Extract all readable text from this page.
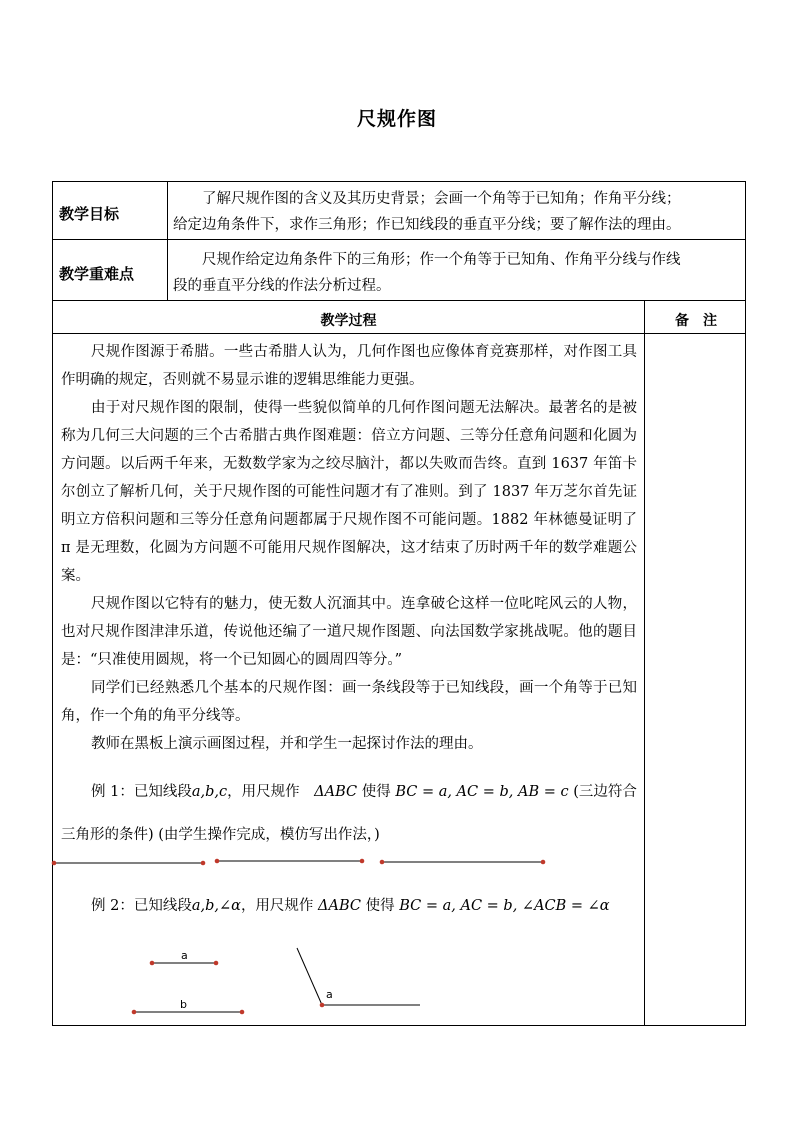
尺规作图
教学目标
了解尺规作图的含义及其历史背景；会画一个角等于已知角；作角平分线；
给定边角条件下，求作三角形；作已知线段的垂直平分线；要了解作法的理由。
教学重难点
尺规作给定边角条件下的三角形；作一个角等于已知角、作角平分线与作线
段的垂直平分线的作法分析过程。
教学过程	备　注

尺规作图源于希腊。一些古希腊人认为，几何作图也应像体育竞赛那样，对作图工具作明确的规定，否则就不易显示谁的逻辑思维能力更强。

由于对尺规作图的限制，使得一些貌似简单的几何作图问题无法解决。最著名的是被称为几何三大问题的三个古希腊古典作图难题：倍立方问题、三等分任意角问题和化圆为方问题。以后两千年来，无数数学家为之绞尽脑汁，都以失败而告终。直到 1637 年笛卡尔创立了解析几何，关于尺规作图的可能性问题才有了准则。到了 1837 年万芝尔首先证明立方倍积问题和三等分任意角问题都属于尺规作图不可能问题。1882 年林德曼证明了 π 是无理数，化圆为方问题不可能用尺规作图解决，这才结束了历时两千年的数学难题公案。

尺规作图以它特有的魅力，使无数人沉湎其中。连拿破仑这样一位叱咤风云的人物，也对尺规作图津津乐道，传说他还编了一道尺规作图题、向法国数学家挑战呢。他的题目是：“只准使用圆规，将一个已知圆心的圆周四等分。”

同学们已经熟悉几个基本的尺规作图：画一条线段等于已知线段，画一个角等于已知角，作一个角的角平分线等。

教师在黑板上演示画图过程，并和学生一起探讨作法的理由。

例 1：已知线段a,b,c，用尺规作　ΔABC 使得 BC = a, AC = b, AB = c (三边符合
三角形的条件) (由学生操作完成，模仿写出作法，)
例 2：已知线段a,b,∠α，用尺规作 ΔABC 使得 BC = a, AC = b, ∠ACB = ∠α
a
b
a
